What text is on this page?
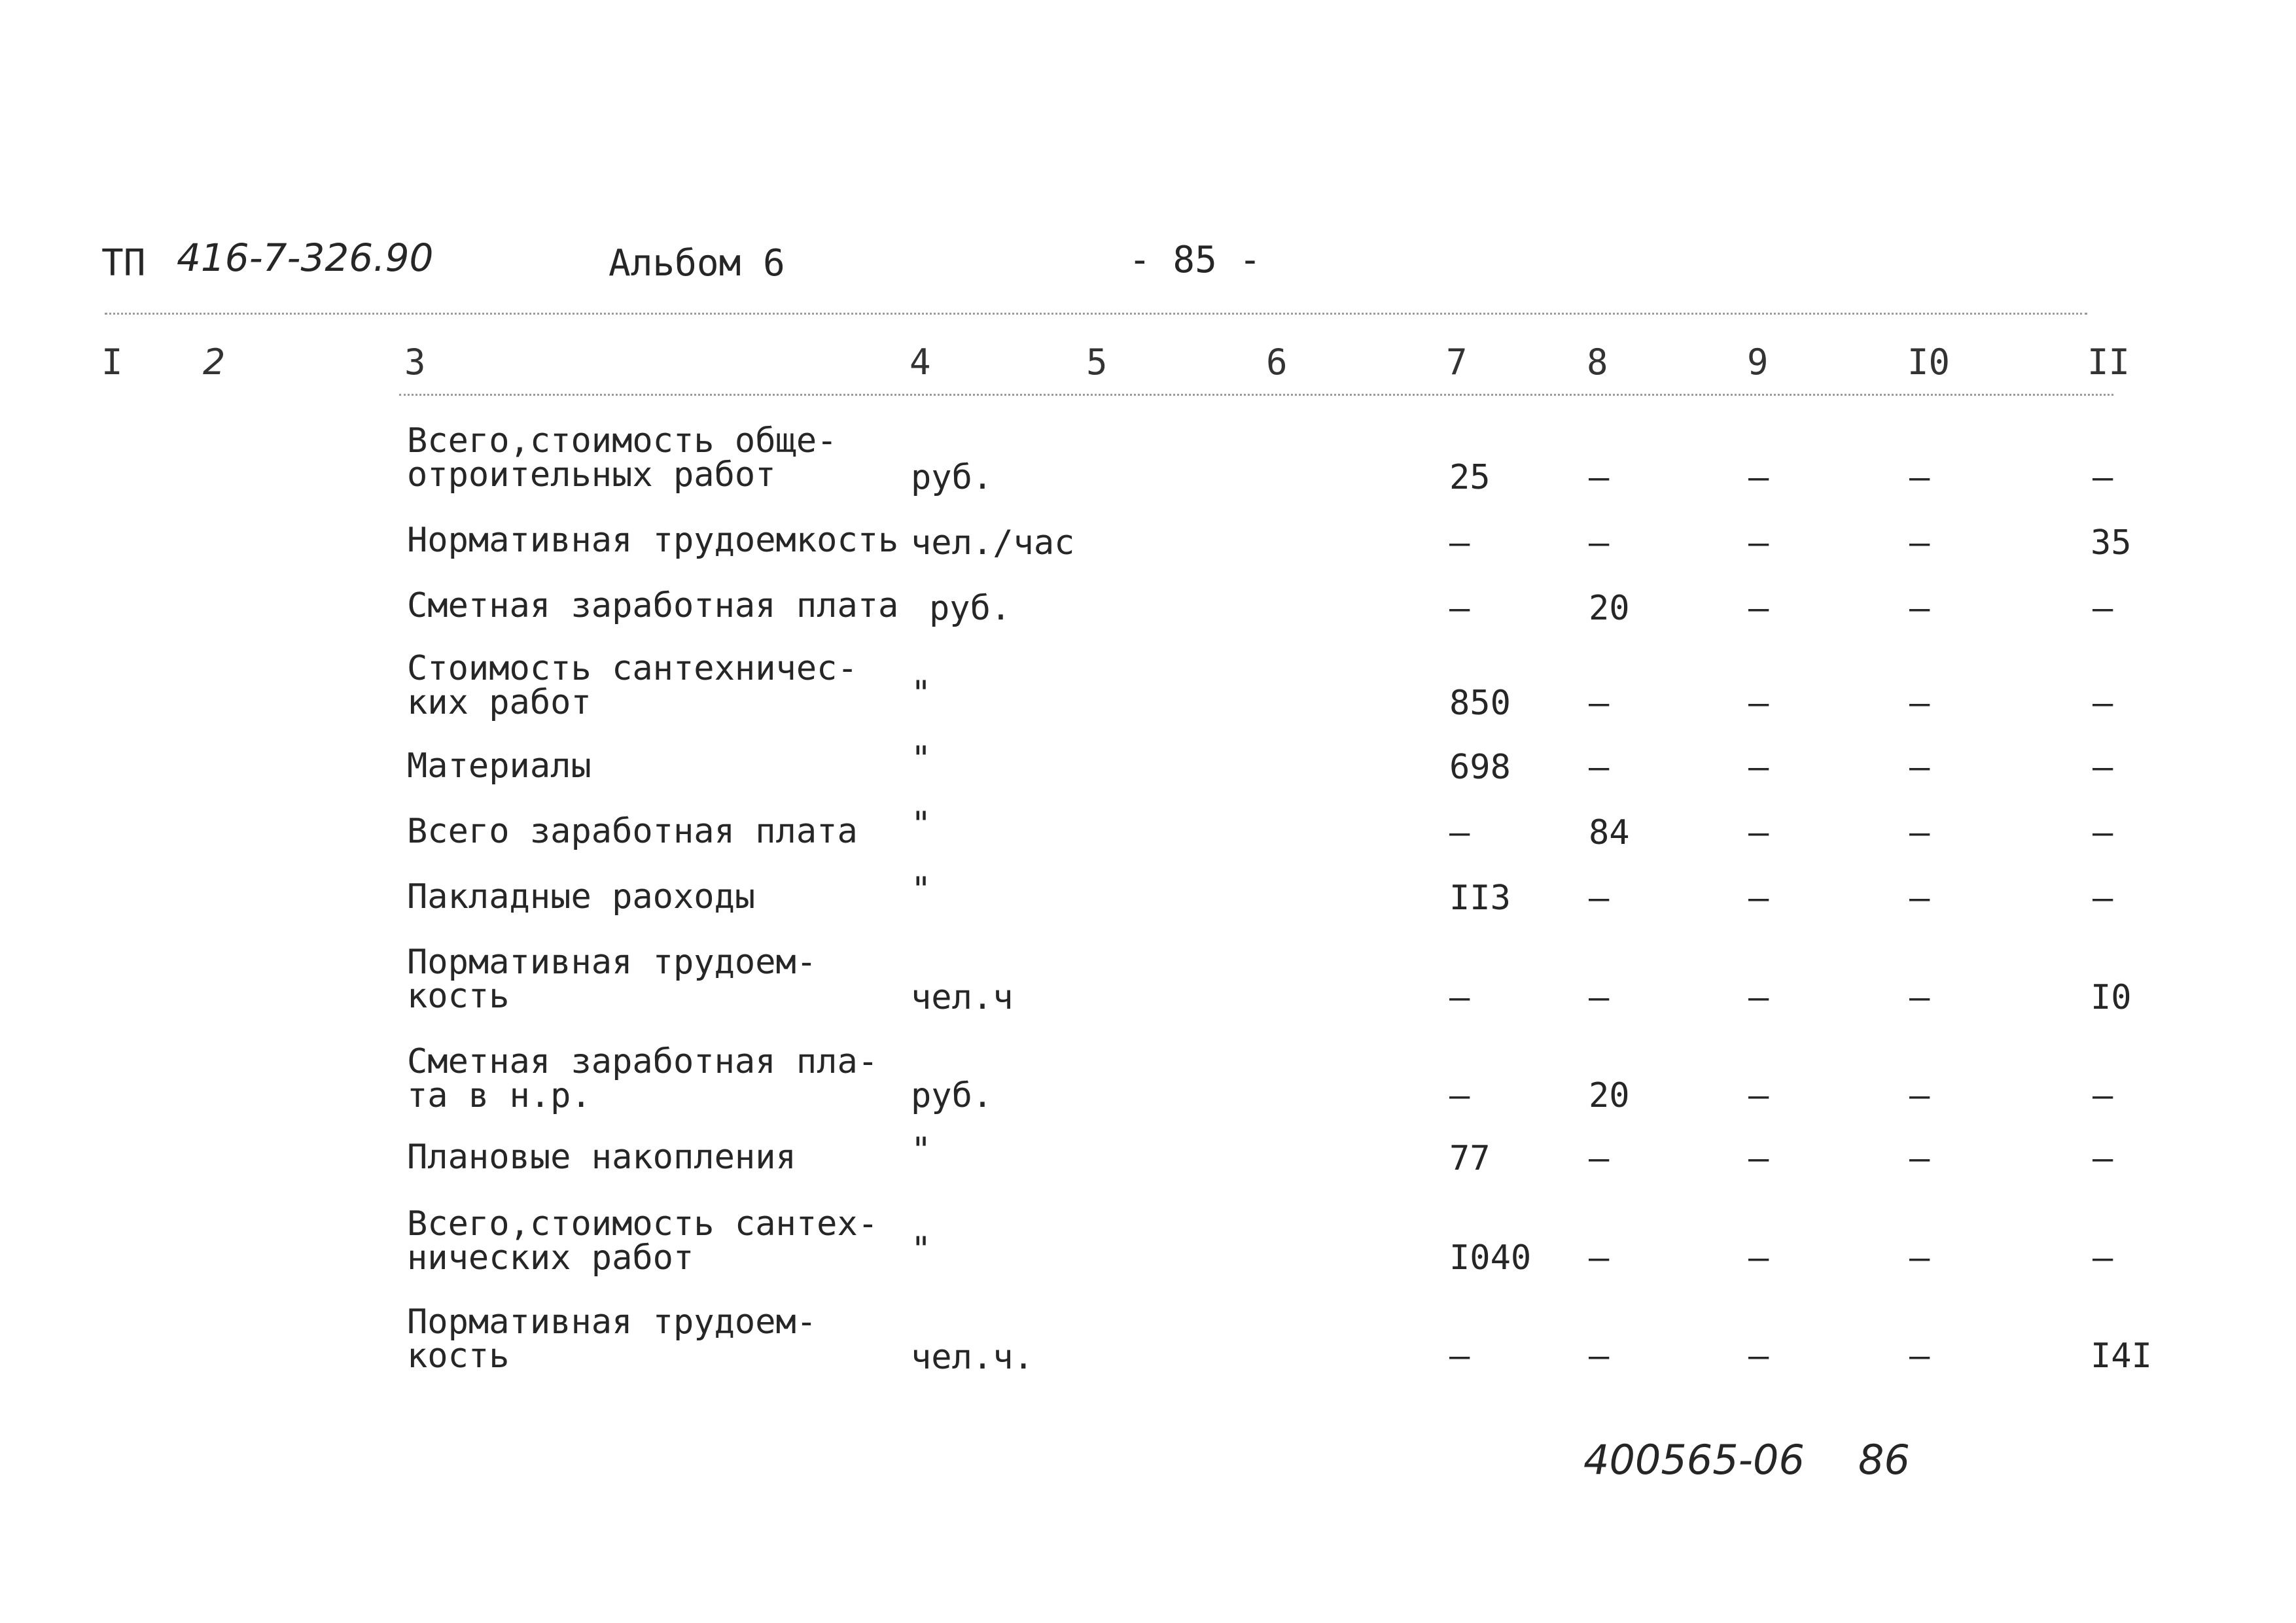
ТП 416-7-326.90	Альбом 6	- 85 -
I 2	3	4	5	6	7	8	9	I0	II
Всего,стоимость обще-
отроительных работ	руб.	25	–	–	–	–
Нормативная трудоемкость чел./час	–	–	–	–	35
Сметная заработная плата руб.	–	20	–	–	–
Стоимость сантехничес-
ких работ	"	850 –	–	–	–
Материалы	"	698 –	–	–	–
Всего заработная плата "	–	84	–	–	–
Пакладные раоходы	"	II3 –	–	–	–
Пормативная трудоем-
кость	чел.ч	–	–	–	–	I0
Сметная заработная пла-
та в н.р.	руб.	–	20	–	–	–
Плановые накопления	"	77	–	–	–	–
Всего,стоимость сантех-
нических работ	"	I040 –	–	–	–
Пормативная трудоем-
кость	чел.ч.	–	–	–	–	I4I
400565-06 86
